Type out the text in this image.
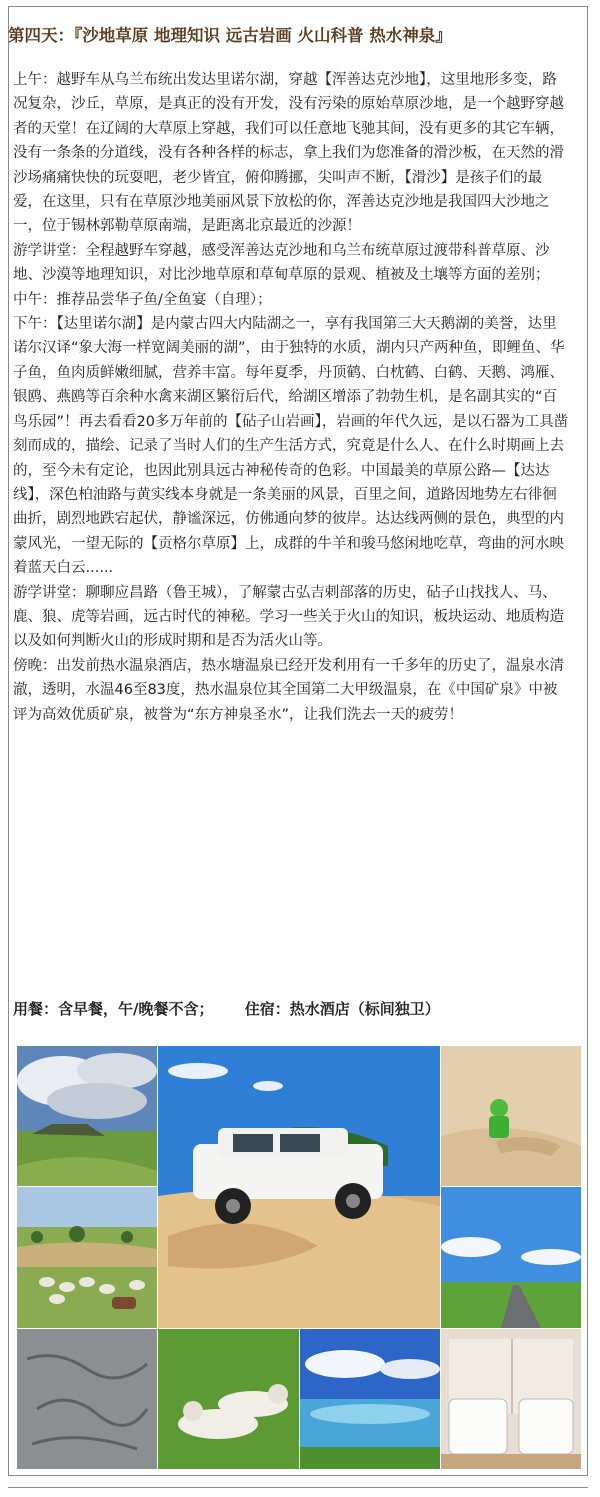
第四天：『沙地草原 地理知识 远古岩画 火山科普 热水神泉』

上午：越野车从乌兰布统出发达里诺尔湖，穿越【浑善达克沙地】，这里地形多变，路况复杂，沙丘，草原，是真正的没有开发，没有污染的原始草原沙地，是一个越野穿越者的天堂！在辽阔的大草原上穿越，我们可以任意地飞驰其间，没有更多的其它车辆，没有一条条的分道线，没有各种各样的标志，拿上我们为您准备的滑沙板，在天然的滑沙场痛痛快快的玩耍吧，老少皆宜，俯仰腾挪，尖叫声不断，【滑沙】是孩子们的最爱，在这里，只有在草原沙地美丽风景下放松的你，浑善达克沙地是我国四大沙地之一，位于锡林郭勒草原南端，是距离北京最近的沙源！

游学讲堂：全程越野车穿越，感受浑善达克沙地和乌兰布统草原过渡带科普草原、沙地、沙漠等地理知识，对比沙地草原和草甸草原的景观、植被及土壤等方面的差别；

中午：推荐品尝华子鱼/全鱼宴（自理）；

下午：【达里诺尔湖】是内蒙古四大内陆湖之一，享有我国第三大天鹅湖的美誉，达里诺尔汉译“象大海一样宽阔美丽的湖”，由于独特的水质，湖内只产两种鱼，即鲤鱼、华子鱼，鱼肉质鲜嫩细腻，营养丰富。每年夏季，丹顶鹤、白枕鹤、白鹤、天鹅、鸿雁、银鸥、燕鸥等百余种水禽来湖区繁衍后代，给湖区增添了勃勃生机，是名副其实的“百鸟乐园”！再去看看20多万年前的【砧子山岩画】，岩画的年代久远，是以石器为工具凿刻而成的，描绘、记录了当时人们的生产生活方式，究竟是什么人、在什么时期画上去的，至今未有定论，也因此别具远古神秘传奇的色彩。中国最美的草原公路—【达达线】，深色柏油路与黄实线本身就是一条美丽的风景，百里之间，道路因地势左右徘徊曲折，剧烈地跌宕起伏，静谧深远，仿佛通向梦的彼岸。达达线两侧的景色，典型的内蒙风光，一望无际的【贡格尔草原】上，成群的牛羊和骏马悠闲地吃草，弯曲的河水映着蓝天白云......

游学讲堂：聊聊应昌路（鲁王城），了解蒙古弘吉剌部落的历史，砧子山找找人、马、鹿、狼、虎等岩画，远古时代的神秘。学习一些关于火山的知识，板块运动、地质构造以及如何判断火山的形成时期和是否为活火山等。

傍晚：出发前热水温泉酒店，热水塘温泉已经开发利用有一千多年的历史了，温泉水清澈，透明，水温46至83度，热水温泉位其全国第二大甲级温泉，在《中国矿泉》中被评为高效优质矿泉，被誉为“东方神泉圣水”，让我们洗去一天的疲劳！

用餐：含早餐，午/晚餐不含； 住宿：热水酒店（标间独卫）
